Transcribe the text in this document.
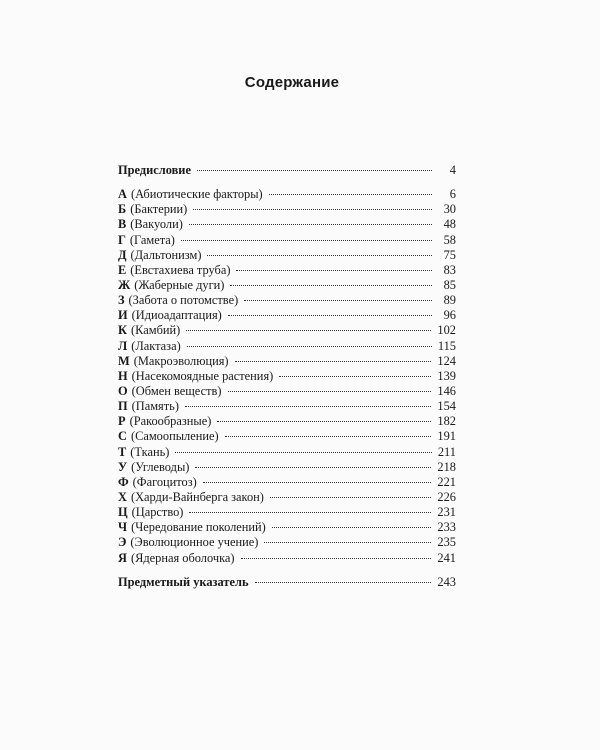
Содержание
Предисловие	4
А (Абиотические факторы)	6
Б (Бактерии)	30
В (Вакуоли)	48
Г (Гамета)	58
Д (Дальтонизм)	75
Е (Евстахиева труба)	83
Ж (Жаберные дуги)	85
З (Забота о потомстве)	89
И (Идиоадаптация)	96
К (Камбий)	102
Л (Лактаза)	115
М (Макроэволюция)	124
Н (Насекомоядные растения)	139
О (Обмен веществ)	146
П (Память)	154
Р (Ракообразные)	182
С (Самоопыление)	191
Т (Ткань)	211
У (Углеводы)	218
Ф (Фагоцитоз)	221
Х (Харди-Вайнберга закон)	226
Ц (Царство)	231
Ч (Чередование поколений)	233
Э (Эволюционное учение)	235
Я (Ядерная оболочка)	241
Предметный указатель	243
